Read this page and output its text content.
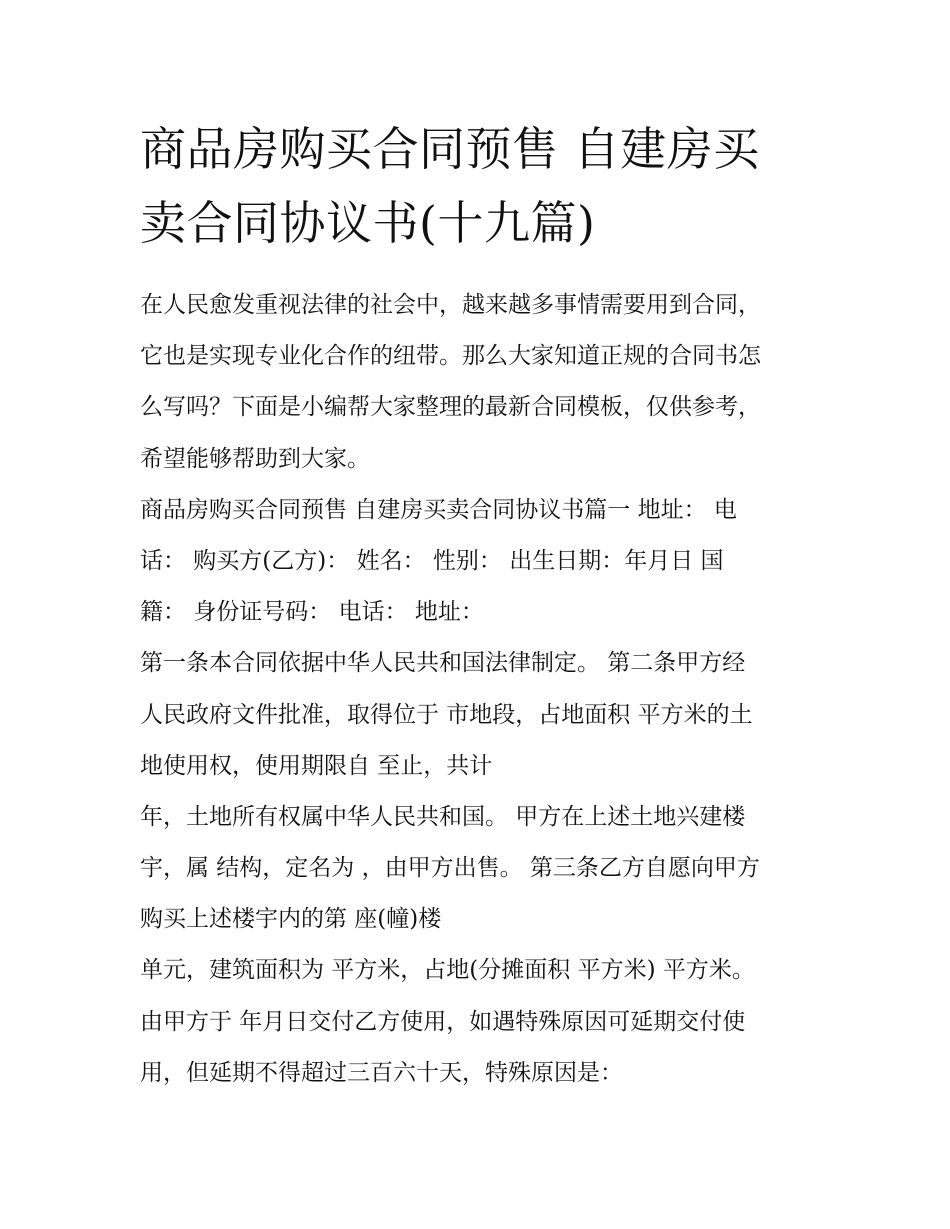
商品房购买合同预售 自建房买
卖合同协议书(十九篇)
在人民愈发重视法律的社会中，越来越多事情需要用到合同，
它也是实现专业化合作的纽带。那么大家知道正规的合同书怎
么写吗？下面是小编帮大家整理的最新合同模板，仅供参考，
希望能够帮助到大家。
商品房购买合同预售 自建房买卖合同协议书篇一 地址： 电
话： 购买方(乙方)： 姓名： 性别： 出生日期：年月日 国
籍： 身份证号码： 电话： 地址：
第一条本合同依据中华人民共和国法律制定。 第二条甲方经
人民政府文件批准，取得位于 市地段，占地面积 平方米的土
地使用权，使用期限自 至止，共计
年，土地所有权属中华人民共和国。 甲方在上述土地兴建楼
宇，属 结构，定名为 ，由甲方出售。 第三条乙方自愿向甲方
购买上述楼宇内的第 座(幢)楼
单元，建筑面积为 平方米，占地(分摊面积 平方米) 平方米。
由甲方于 年月日交付乙方使用，如遇特殊原因可延期交付使
用，但延期不得超过三百六十天，特殊原因是：
